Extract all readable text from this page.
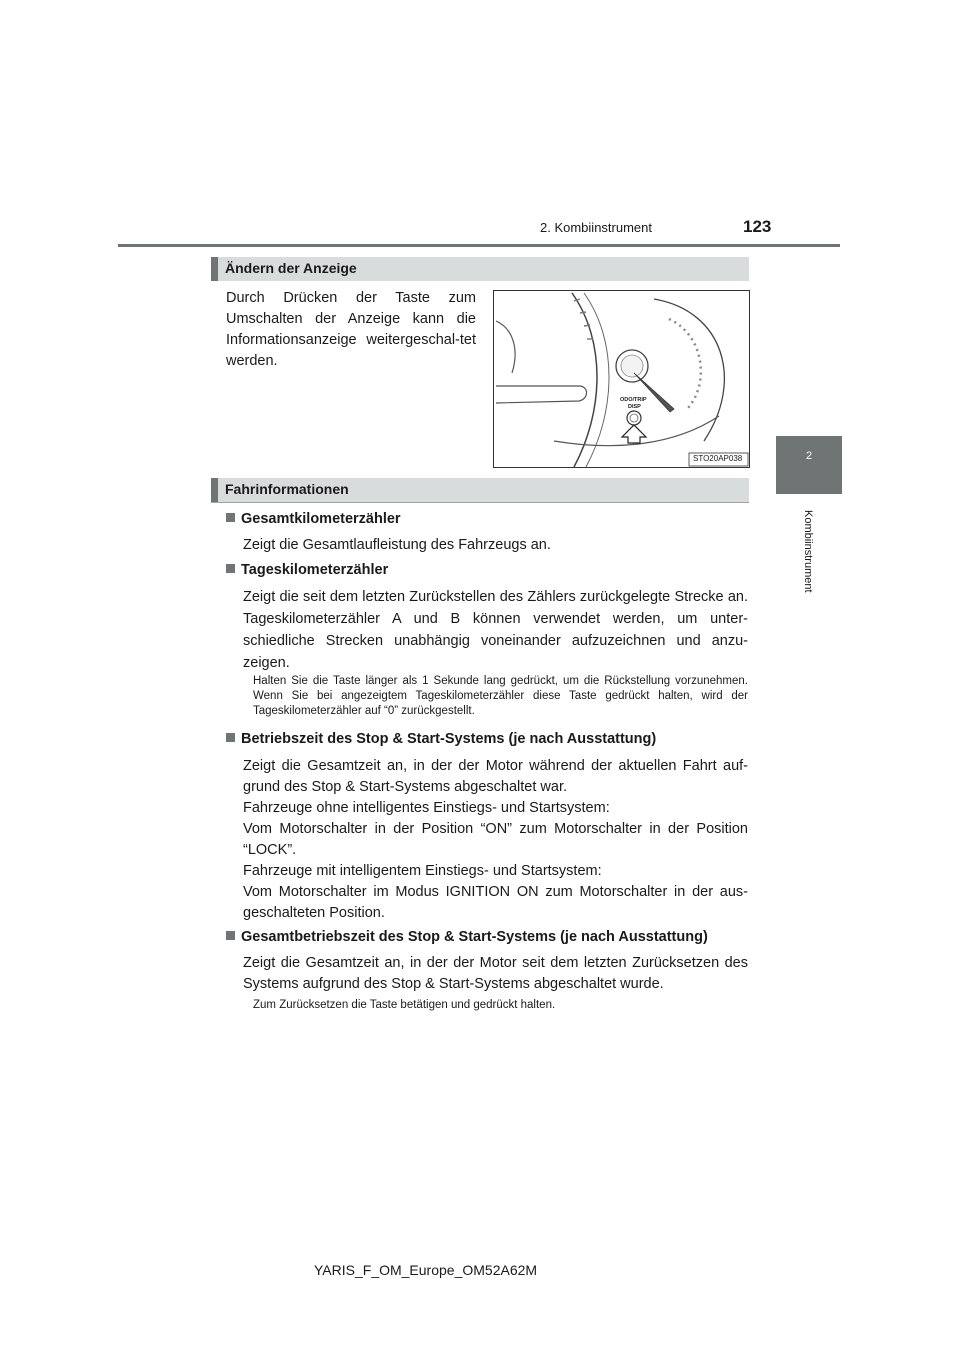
2. Kombiinstrument	123
2
Kombiinstrument
Ändern der Anzeige
Durch Drücken der Taste zum Umschalten der Anzeige kann die Informationsanzeige weitergeschal-tet werden.
ODO/TRIP
DISP
STO20AP038
Fahrinformationen
Gesamtkilometerzähler
Zeigt die Gesamtlaufleistung des Fahrzeugs an.
Tageskilometerzähler
Zeigt die seit dem letzten Zurückstellen des Zählers zurückgelegte Strecke an. Tageskilometerzähler A und B können verwendet werden, um unter-schiedliche Strecken unabhängig voneinander aufzuzeichnen und anzu-zeigen.
Halten Sie die Taste länger als 1 Sekunde lang gedrückt, um die Rückstellung vorzunehmen. Wenn Sie bei angezeigtem Tageskilometerzähler diese Taste gedrückt halten, wird der Tageskilometerzähler auf “0” zurückgestellt.
Betriebszeit des Stop & Start-Systems (je nach Ausstattung)
Zeigt die Gesamtzeit an, in der der Motor während der aktuellen Fahrt auf-grund des Stop & Start-Systems abgeschaltet war.
Fahrzeuge ohne intelligentes Einstiegs- und Startsystem:
Vom Motorschalter in der Position “ON” zum Motorschalter in der Position “LOCK”.
Fahrzeuge mit intelligentem Einstiegs- und Startsystem:
Vom Motorschalter im Modus IGNITION ON zum Motorschalter in der aus-geschalteten Position.
Gesamtbetriebszeit des Stop & Start-Systems (je nach Ausstattung)
Zeigt die Gesamtzeit an, in der der Motor seit dem letzten Zurücksetzen des Systems aufgrund des Stop & Start-Systems abgeschaltet wurde.
Zum Zurücksetzen die Taste betätigen und gedrückt halten.
YARIS_F_OM_Europe_OM52A62M
